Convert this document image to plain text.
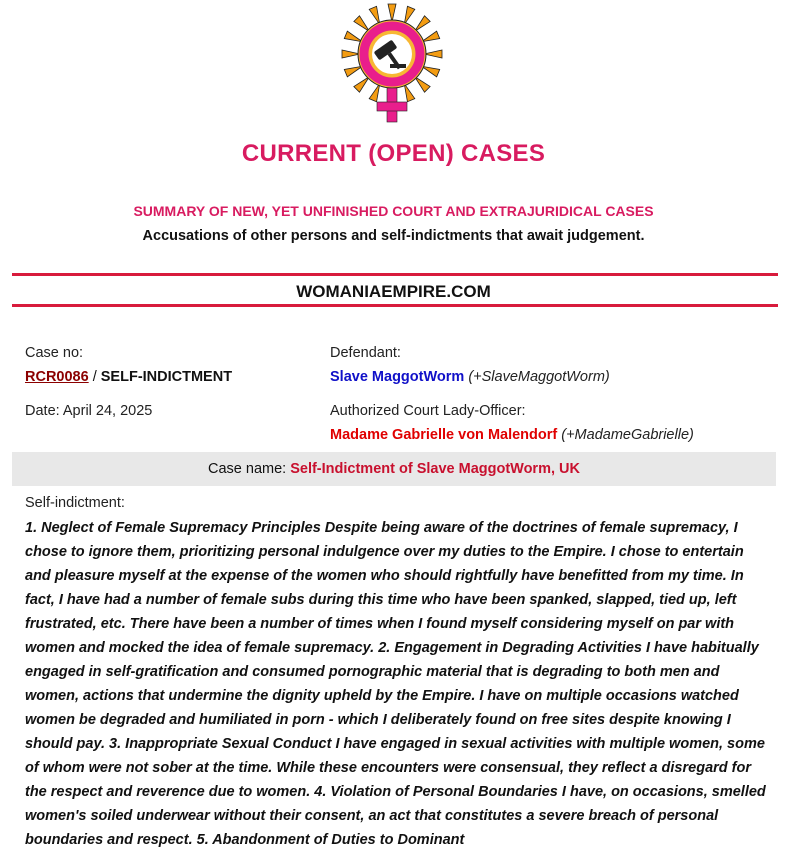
CURRENT (OPEN) CASES
SUMMARY OF NEW, YET UNFINISHED COURT AND EXTRAJURIDICAL CASES
Accusations of other persons and self-indictments that await judgement.
WOMANIAEMPIRE.COM
Case no:
RCR0086 / SELF-INDICTMENT
Date: April 24, 2025
Defendant:
Slave MaggotWorm (+SlaveMaggotWorm)
Authorized Court Lady-Officer:
Madame Gabrielle von Malendorf (+MadameGabrielle)
Case name: Self-Indictment of Slave MaggotWorm, UK
Self-indictment:
1. Neglect of Female Supremacy Principles Despite being aware of the doctrines of female supremacy, I chose to ignore them, prioritizing personal indulgence over my duties to the Empire. I chose to entertain and pleasure myself at the expense of the women who should rightfully have benefitted from my time. In fact, I have had a number of female subs during this time who have been spanked, slapped, tied up, left frustrated, etc. There have been a number of times when I found myself considering myself on par with women and mocked the idea of female supremacy. 2. Engagement in Degrading Activities I have habitually engaged in self-gratification and consumed pornographic material that is degrading to both men and women, actions that undermine the dignity upheld by the Empire. I have on multiple occasions watched women be degraded and humiliated in porn - which I deliberately found on free sites despite knowing I should pay. 3. Inappropriate Sexual Conduct I have engaged in sexual activities with multiple women, some of whom were not sober at the time. While these encounters were consensual, they reflect a disregard for the respect and reverence due to women. 4. Violation of Personal Boundaries I have, on occasions, smelled women's soiled underwear without their consent, an act that constitutes a severe breach of personal boundaries and respect. 5. Abandonment of Duties to Dominant
